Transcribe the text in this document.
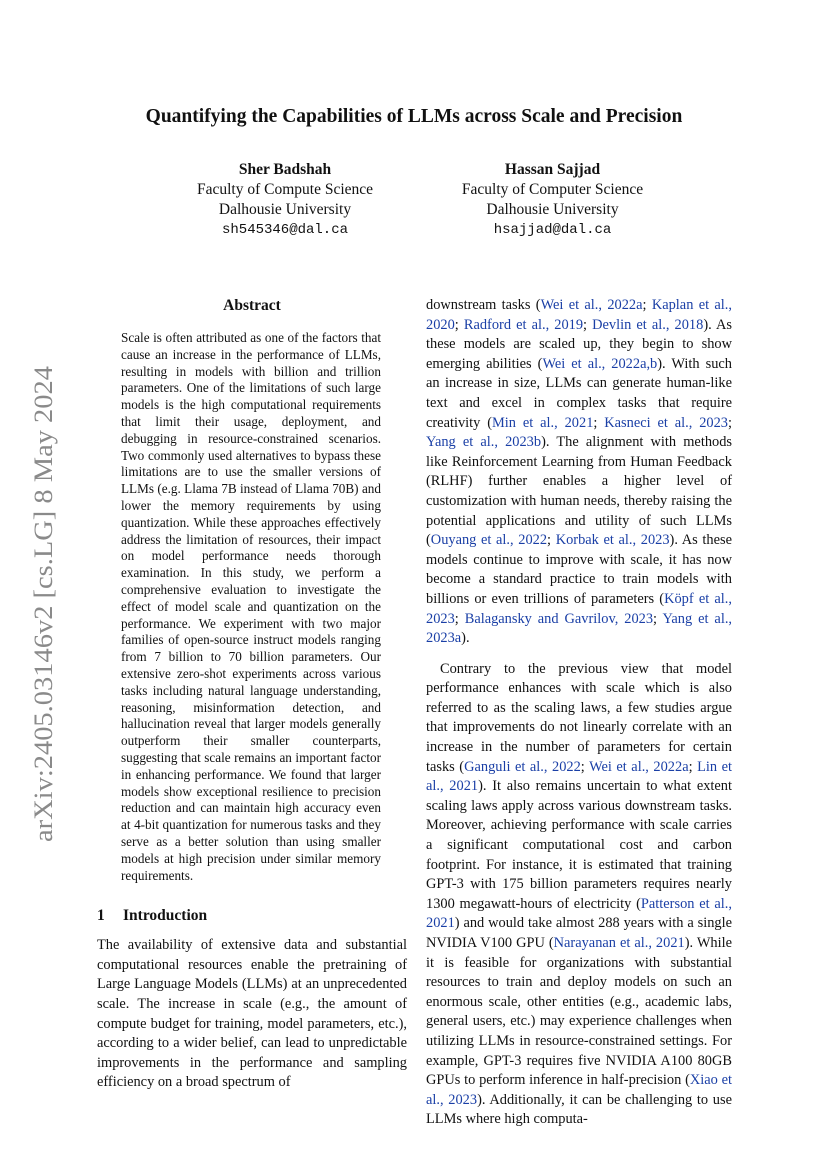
arXiv:2405.03146v2 [cs.LG] 8 May 2024
Quantifying the Capabilities of LLMs across Scale and Precision
Sher Badshah
Faculty of Compute Science
Dalhousie University
sh545346@dal.ca
Hassan Sajjad
Faculty of Computer Science
Dalhousie University
hsajjad@dal.ca
Abstract

Scale is often attributed as one of the factors that cause an increase in the performance of LLMs, resulting in models with billion and trillion parameters. One of the limitations of such large models is the high computational requirements that limit their usage, deployment, and debugging in resource-constrained scenarios. Two commonly used alternatives to bypass these limitations are to use the smaller versions of LLMs (e.g. Llama 7B instead of Llama 70B) and lower the memory requirements by using quantization. While these approaches effectively address the limitation of resources, their impact on model performance needs thorough examination. In this study, we perform a comprehensive evaluation to investigate the effect of model scale and quantization on the performance. We experiment with two major families of open-source instruct models ranging from 7 billion to 70 billion parameters. Our extensive zero-shot experiments across various tasks including natural language understanding, reasoning, misinformation detection, and hallucination reveal that larger models generally outperform their smaller counterparts, suggesting that scale remains an important factor in enhancing performance. We found that larger models show exceptional resilience to precision reduction and can maintain high accuracy even at 4-bit quantization for numerous tasks and they serve as a better solution than using smaller models at high precision under similar memory requirements.

1 Introduction

The availability of extensive data and substantial computational resources enable the pretraining of Large Language Models (LLMs) at an unprecedented scale. The increase in scale (e.g., the amount of compute budget for training, model parameters, etc.), according to a wider belief, can lead to unpredictable improvements in the performance and sampling efficiency on a broad spectrum of

downstream tasks (Wei et al., 2022a; Kaplan et al., 2020; Radford et al., 2019; Devlin et al., 2018). As these models are scaled up, they begin to show emerging abilities (Wei et al., 2022a,b). With such an increase in size, LLMs can generate human-like text and excel in complex tasks that require creativity (Min et al., 2021; Kasneci et al., 2023; Yang et al., 2023b). The alignment with methods like Reinforcement Learning from Human Feedback (RLHF) further enables a higher level of customization with human needs, thereby raising the potential applications and utility of such LLMs (Ouyang et al., 2022; Korbak et al., 2023). As these models continue to improve with scale, it has now become a standard practice to train models with billions or even trillions of parameters (Köpf et al., 2023; Balagansky and Gavrilov, 2023; Yang et al., 2023a).

Contrary to the previous view that model performance enhances with scale which is also referred to as the scaling laws, a few studies argue that improvements do not linearly correlate with an increase in the number of parameters for certain tasks (Ganguli et al., 2022; Wei et al., 2022a; Lin et al., 2021). It also remains uncertain to what extent scaling laws apply across various downstream tasks. Moreover, achieving performance with scale carries a significant computational cost and carbon footprint. For instance, it is estimated that training GPT-3 with 175 billion parameters requires nearly 1300 megawatt-hours of electricity (Patterson et al., 2021) and would take almost 288 years with a single NVIDIA V100 GPU (Narayanan et al., 2021). While it is feasible for organizations with substantial resources to train and deploy models on such an enormous scale, other entities (e.g., academic labs, general users, etc.) may experience challenges when utilizing LLMs in resource-constrained settings. For example, GPT-3 requires five NVIDIA A100 80GB GPUs to perform inference in half-precision (Xiao et al., 2023). Additionally, it can be challenging to use LLMs where high computa-
